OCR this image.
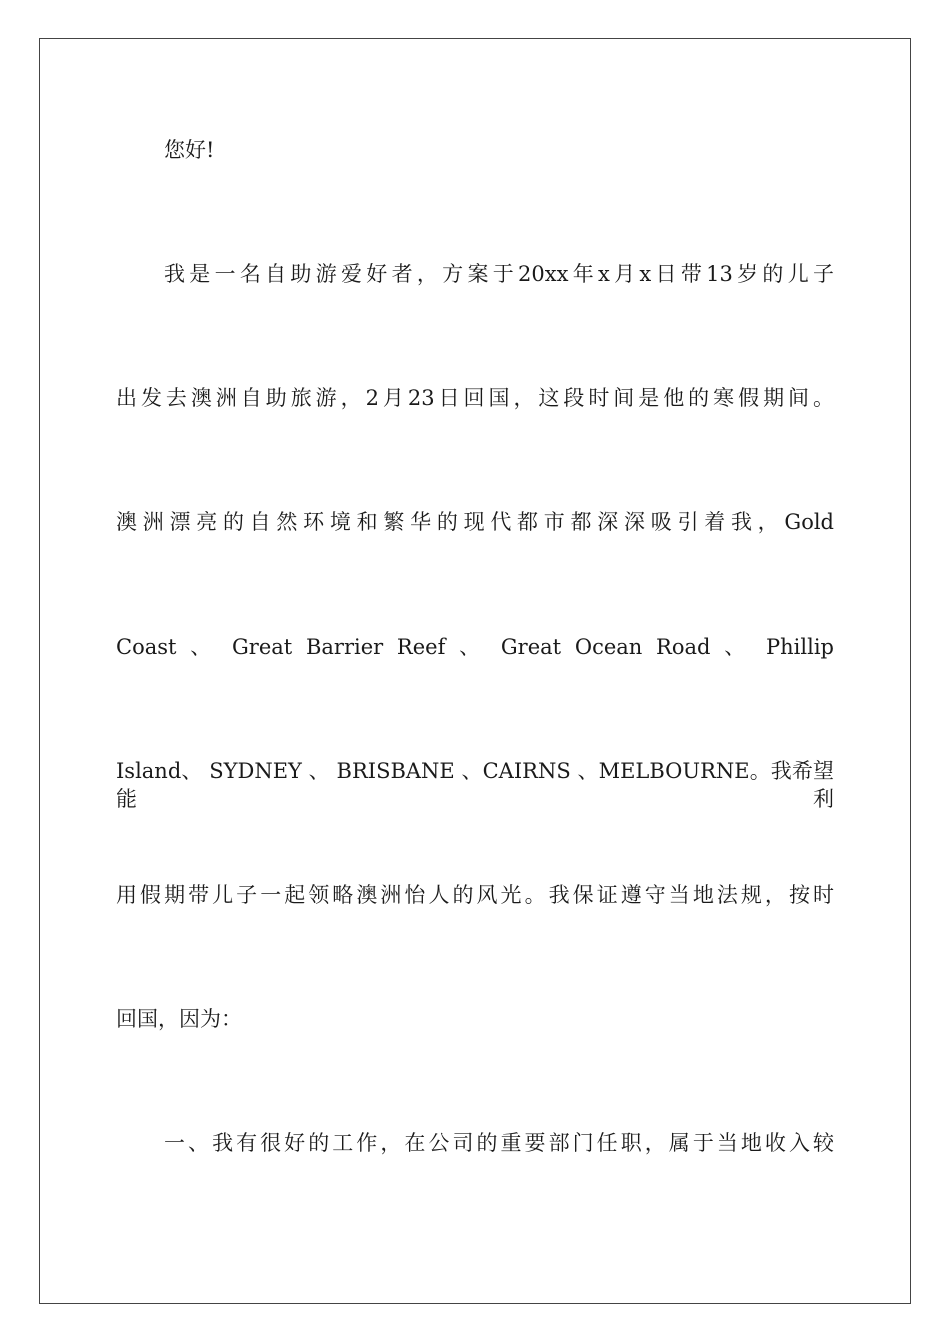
您好!
我是一名自助游爱好者，方案于20xx年x月x日带13岁的儿子
出发去澳洲自助旅游，2月23日回国，这段时间是他的寒假期间。
澳洲漂亮的自然环境和繁华的现代都市都深深吸引着我，Gold
Coast 、 Great Barrier Reef 、 Great Ocean Road 、 Phillip
Island、 SYDNEY 、 BRISBANE 、CAIRNS 、MELBOURNE。我希望能利
用假期带儿子一起领略澳洲怡人的风光。我保证遵守当地法规，按时
回国，因为：
一、我有很好的工作，在公司的重要部门任职，属于当地收入较
